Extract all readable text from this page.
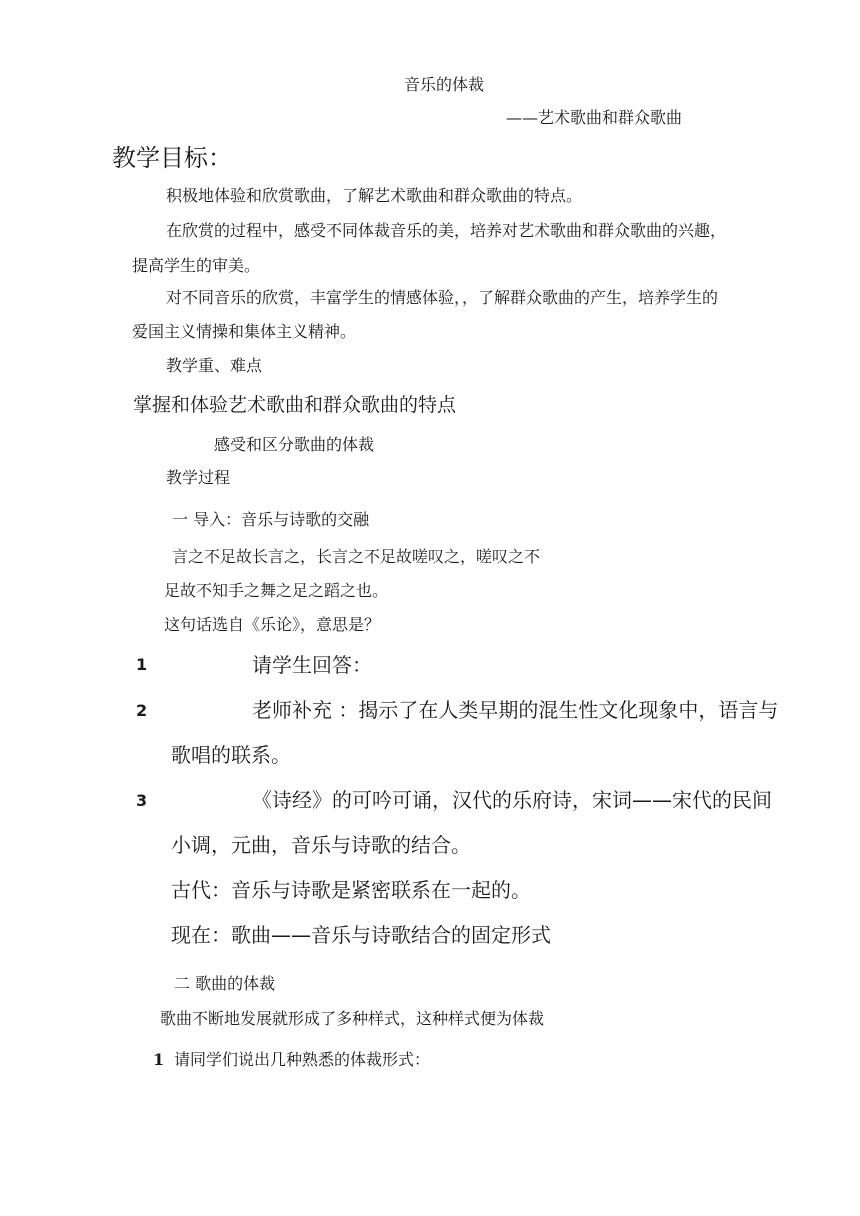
音乐的体裁
——艺术歌曲和群众歌曲
教学目标：
积极地体验和欣赏歌曲，了解艺术歌曲和群众歌曲的特点。
在欣赏的过程中，感受不同体裁音乐的美，培养对艺术歌曲和群众歌曲的兴趣，
提高学生的审美。
对不同音乐的欣赏，丰富学生的情感体验，，了解群众歌曲的产生，培养学生的
爱国主义情操和集体主义精神。
教学重、难点
掌握和体验艺术歌曲和群众歌曲的特点
感受和区分歌曲的体裁
教学过程
一 导入：音乐与诗歌的交融
言之不足故长言之，长言之不足故嗟叹之，嗟叹之不
足故不知手之舞之足之蹈之也。
这句话选自《乐论》，意思是？
1	请学生回答：
2	老师补充 ：揭示了在人类早期的混生性文化现象中，语言与
歌唱的联系。
3	《诗经》的可吟可诵，汉代的乐府诗，宋词——宋代的民间
小调，元曲，音乐与诗歌的结合。
古代：音乐与诗歌是紧密联系在一起的。
现在：歌曲——音乐与诗歌结合的固定形式
二 歌曲的体裁
歌曲不断地发展就形成了多种样式，这种样式便为体裁
1 请同学们说出几种熟悉的体裁形式：
